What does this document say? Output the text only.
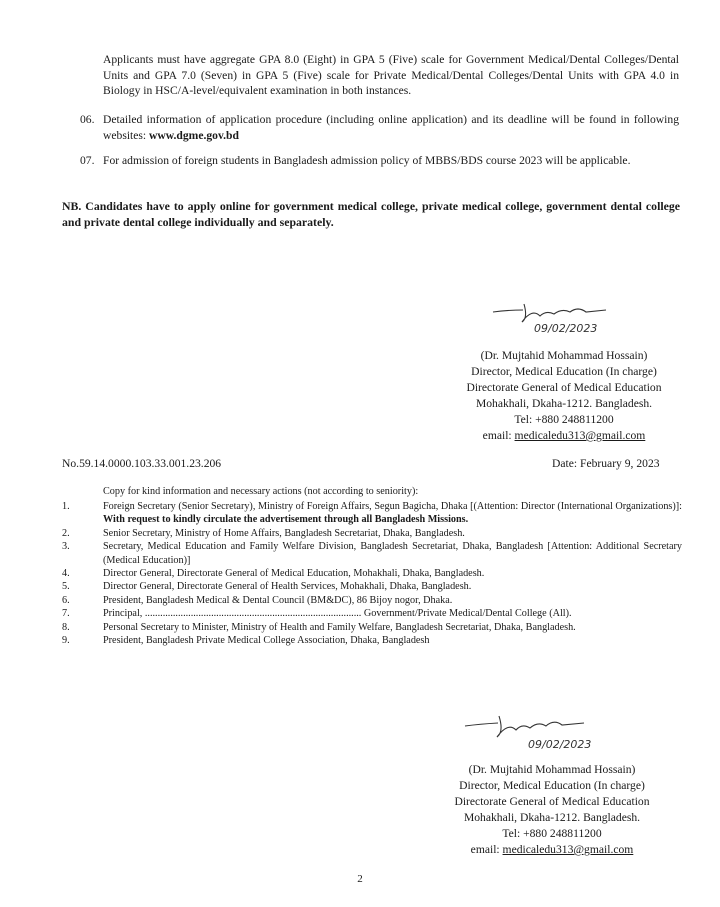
Applicants must have aggregate GPA 8.0 (Eight) in GPA 5 (Five) scale for Government Medical/Dental Colleges/Dental Units and GPA 7.0 (Seven) in GPA 5 (Five) scale for Private Medical/Dental Colleges/Dental Units with GPA 4.0 in Biology in HSC/A-level/equivalent examination in both instances.
06. Detailed information of application procedure (including online application) and its deadline will be found in following websites: www.dgme.gov.bd
07. For admission of foreign students in Bangladesh admission policy of MBBS/BDS course 2023 will be applicable.
NB. Candidates have to apply online for government medical college, private medical college, government dental college and private dental college individually and separately.
09/02/2023
(Dr. Mujtahid Mohammad Hossain)
Director, Medical Education (In charge)
Directorate General of Medical Education
Mohakhali, Dkaha-1212. Bangladesh.
Tel: +880 248811200
email: medicaledu313@gmail.com
No.59.14.0000.103.33.001.23.206	Date: February 9, 2023
Copy for kind information and necessary actions (not according to seniority):
1.	Foreign Secretary (Senior Secretary), Ministry of Foreign Affairs, Segun Bagicha, Dhaka [(Attention: Director (International Organizations)]: With request to kindly circulate the advertisement through all Bangladesh Missions.
2.	Senior Secretary, Ministry of Home Affairs, Bangladesh Secretariat, Dhaka, Bangladesh.
3.	Secretary, Medical Education and Family Welfare Division, Bangladesh Secretariat, Dhaka, Bangladesh [Attention: Additional Secretary (Medical Education)]
4.	Director General, Directorate General of Medical Education, Mohakhali, Dhaka, Bangladesh.
5.	Director General, Directorate General of Health Services, Mohakhali, Dhaka, Bangladesh.
6.	President, Bangladesh Medical & Dental Council (BM&DC), 86 Bijoy nogor, Dhaka.
7.	Principal, ..................................................................................... Government/Private Medical/Dental College (All).
8.	Personal Secretary to Minister, Ministry of Health and Family Welfare, Bangladesh Secretariat, Dhaka, Bangladesh.
9.	President, Bangladesh Private Medical College Association, Dhaka, Bangladesh
09/02/2023
(Dr. Mujtahid Mohammad Hossain)
Director, Medical Education (In charge)
Directorate General of Medical Education
Mohakhali, Dkaha-1212. Bangladesh.
Tel: +880 248811200
email: medicaledu313@gmail.com
2
